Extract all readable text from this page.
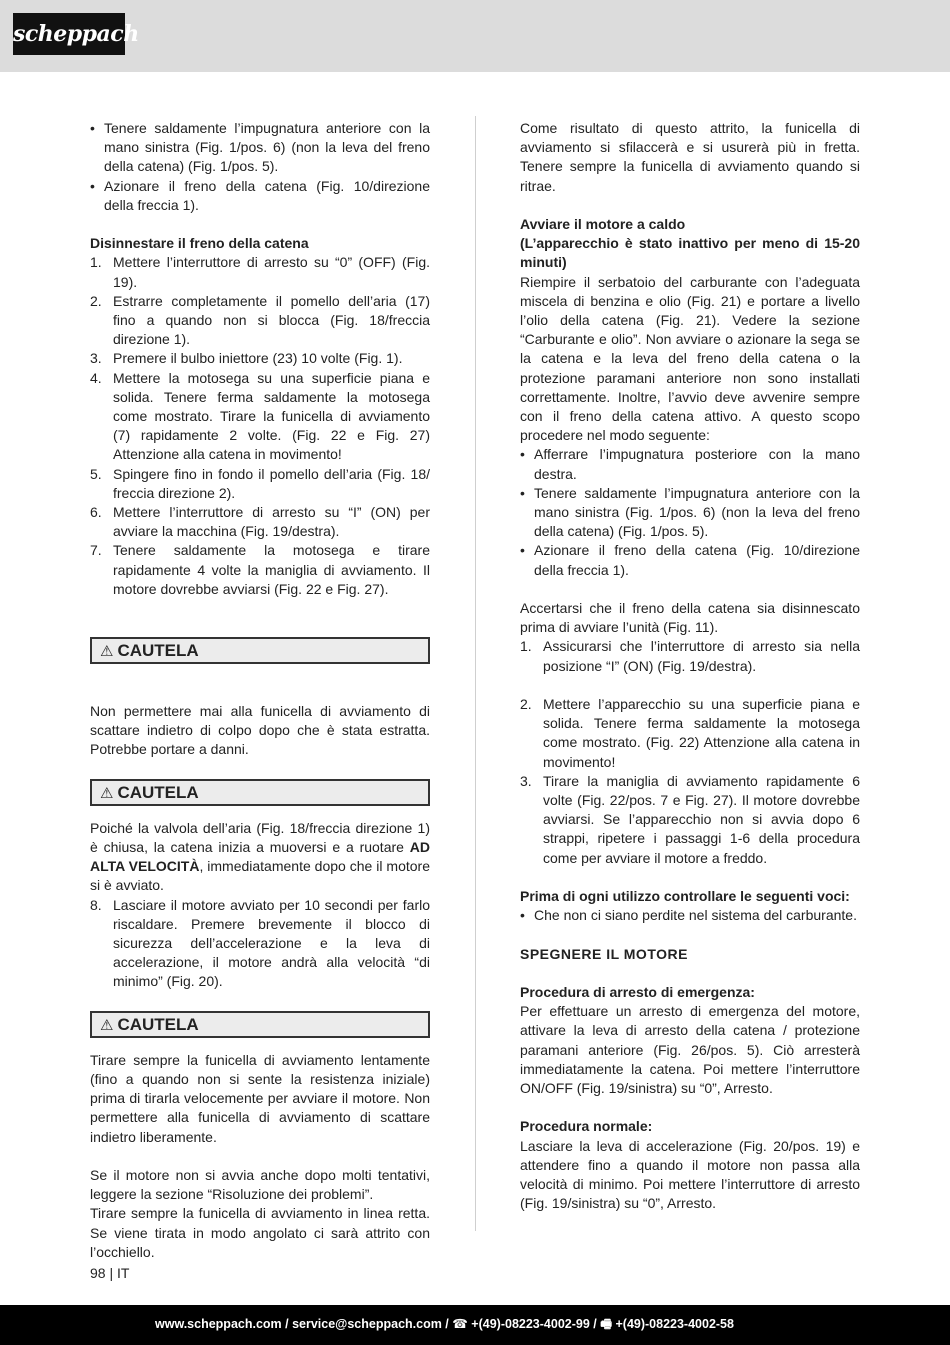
scheppach
• Tenere saldamente l’impugnatura anteriore con la mano sinistra (Fig. 1/pos. 6) (non la leva del freno della catena) (Fig. 1/pos. 5).
• Azionare il freno della catena (Fig. 10/direzione della freccia 1).

Disinnestare il freno della catena

1. Mettere l’interruttore di arresto su “0” (OFF) (Fig. 19).
2. Estrarre completamente il pomello dell’aria (17) fino a quando non si blocca (Fig. 18/freccia direzione 1).
3. Premere il bulbo iniettore (23) 10 volte (Fig. 1).
4. Mettere la motosega su una superficie piana e solida. Tenere ferma saldamente la motosega come mostrato. Tirare la funicella di avviamento (7) rapidamente 2 volte. (Fig. 22 e Fig. 27) Attenzione alla catena in movimento!
5. Spingere fino in fondo il pomello dell’aria (Fig. 18/ freccia direzione 2).
6. Mettere l’interruttore di arresto su “I” (ON) per avviare la macchina (Fig. 19/destra).
7. Tenere saldamente la motosega e tirare rapidamente 4 volte la maniglia di avviamento. Il motore dovrebbe avviarsi (Fig. 22 e Fig. 27).
⚠ CAUTELA

Non permettere mai alla funicella di avviamento di scattare indietro di colpo dopo che è stata estratta. Potrebbe portare a danni.

⚠ CAUTELA

Poiché la valvola dell’aria (Fig. 18/freccia direzione 1) è chiusa, la catena inizia a muoversi e a ruotare AD ALTA VELOCITÀ, immediatamente dopo che il motore si è avviato.

8. Lasciare il motore avviato per 10 secondi per farlo riscaldare. Premere brevemente il blocco di sicurezza dell’accelerazione e la leva di accelerazione, il motore andrà alla velocità “di minimo” (Fig. 20).
⚠ CAUTELA

Tirare sempre la funicella di avviamento lentamente (fino a quando non si sente la resistenza iniziale) prima di tirarla velocemente per avviare il motore. Non permettere alla funicella di avviamento di scattare indietro liberamente.

Se il motore non si avvia anche dopo molti tentativi, leggere la sezione “Risoluzione dei problemi”.

Tirare sempre la funicella di avviamento in linea retta. Se viene tirata in modo angolato ci sarà attrito con l’occhiello.

Come risultato di questo attrito, la funicella di avviamento si sfilaccerà e si usurerà più in fretta. Tenere sempre la funicella di avviamento quando si ritrae.

Avviare il motore a caldo

(L’apparecchio è stato inattivo per meno di 15-20 minuti)

Riempire il serbatoio del carburante con l’adeguata miscela di benzina e olio (Fig. 21) e portare a livello l’olio della catena (Fig. 21). Vedere la sezione “Carburante e olio”. Non avviare o azionare la sega se la catena e la leva del freno della catena o la protezione paramani anteriore non sono installati correttamente. Inoltre, l’avvio deve avvenire sempre con il freno della catena attivo. A questo scopo procedere nel modo seguente:

• Afferrare l’impugnatura posteriore con la mano destra.
• Tenere saldamente l’impugnatura anteriore con la mano sinistra (Fig. 1/pos. 6) (non la leva del freno della catena) (Fig. 1/pos. 5).
• Azionare il freno della catena (Fig. 10/direzione della freccia 1).

Accertarsi che il freno della catena sia disinnescato prima di avviare l’unità (Fig. 11).

1. Assicurarsi che l’interruttore di arresto sia nella posizione “I” (ON) (Fig. 19/destra).
2. Mettere l’apparecchio su una superficie piana e solida. Tenere ferma saldamente la motosega come mostrato. (Fig. 22) Attenzione alla catena in movimento!
3. Tirare la maniglia di avviamento rapidamente 6 volte (Fig. 22/pos. 7 e Fig. 27). Il motore dovrebbe avviarsi. Se l’apparecchio non si avvia dopo 6 strappi, ripetere i passaggi 1-6 della procedura come per avviare il motore a freddo.

Prima di ogni utilizzo controllare le seguenti voci:

• Che non ci siano perdite nel sistema del carburante.

SPEGNERE IL MOTORE

Procedura di arresto di emergenza:

Per effettuare un arresto di emergenza del motore, attivare la leva di arresto della catena / protezione paramani anteriore (Fig. 26/pos. 5). Ciò arresterà immediatamente la catena. Poi mettere l’interruttore ON/OFF (Fig. 19/sinistra) su “0”, Arresto.

Procedura normale:

Lasciare la leva di accelerazione (Fig. 20/pos. 19) e attendere fino a quando il motore non passa alla velocità di minimo. Poi mettere l’interruttore di arresto (Fig. 19/sinistra) su “0”, Arresto.

98 | IT
www.scheppach.com / service@scheppach.com / ☎ +(49)-08223-4002-99 / 🖷 +(49)-08223-4002-58
